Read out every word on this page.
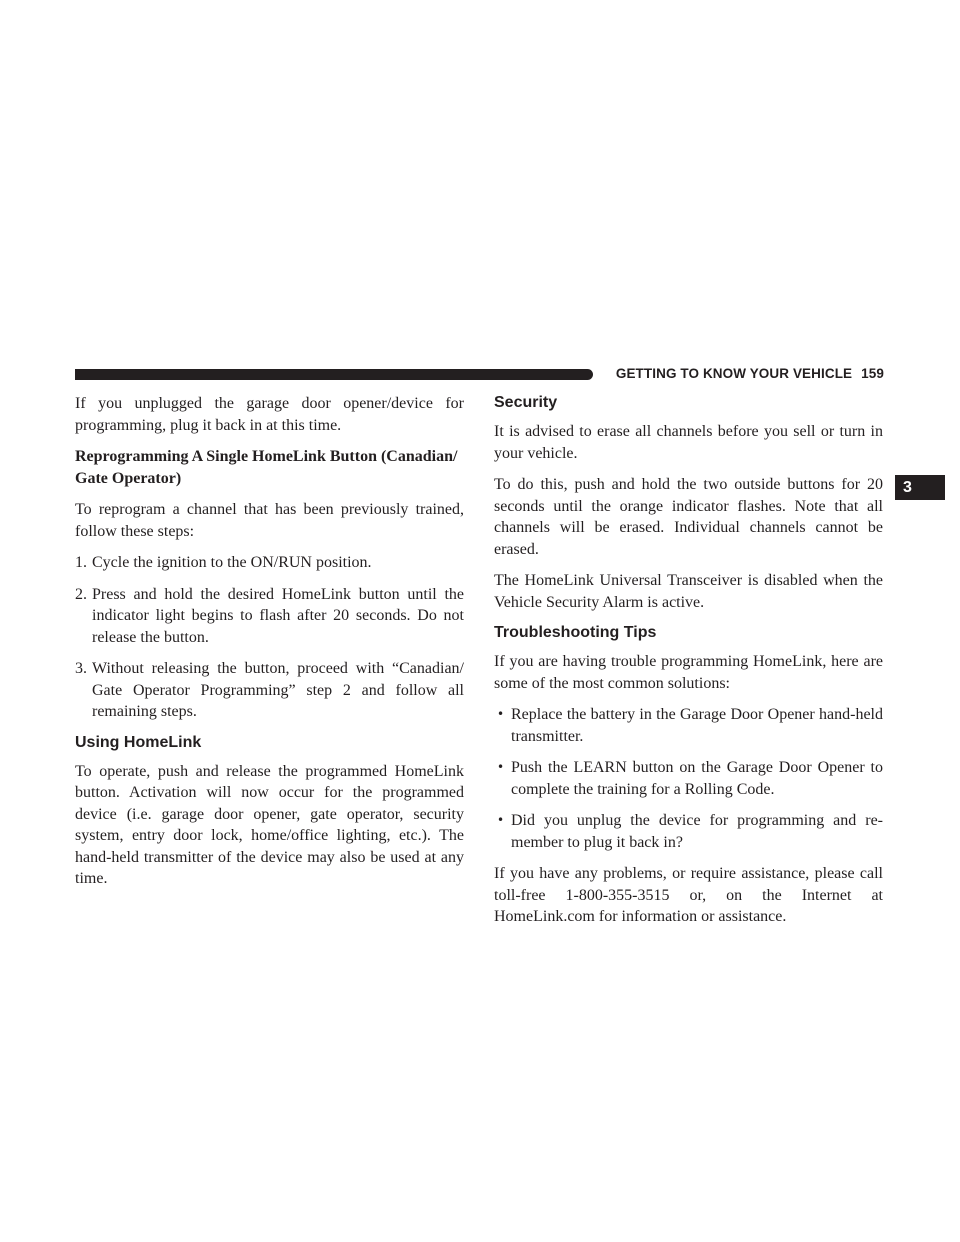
GETTING TO KNOW YOUR VEHICLE 159
3

If you unplugged the garage door opener/device for programming, plug it back in at this time.

Reprogramming A Single HomeLink Button (Canadian/ Gate Operator)

To reprogram a channel that has been previously trained, follow these steps:

1. Cycle the ignition to the ON/RUN position.
2. Press and hold the desired HomeLink button until the indicator light begins to flash after 20 seconds. Do not release the button.
3. Without releasing the button, proceed with “Canadian/ Gate Operator Programming” step 2 and follow all remaining steps.
Using HomeLink

To operate, push and release the programmed HomeLink button. Activation will now occur for the programmed device (i.e. garage door opener, gate operator, security system, entry door lock, home/office lighting, etc.). The hand-held transmitter of the device may also be used at any time.

Security

It is advised to erase all channels before you sell or turn in your vehicle.

To do this, push and hold the two outside buttons for 20 seconds until the orange indicator flashes. Note that all channels will be erased. Individual channels cannot be erased.

The HomeLink Universal Transceiver is disabled when the Vehicle Security Alarm is active.

Troubleshooting Tips

If you are having trouble programming HomeLink, here are some of the most common solutions:

• Replace the battery in the Garage Door Opener hand-held transmitter.
• Push the LEARN button on the Garage Door Opener to complete the training for a Rolling Code.
• Did you unplug the device for programming and re-member to plug it back in?

If you have any problems, or require assistance, please call toll-free 1-800-355-3515 or, on the Internet at HomeLink.com for information or assistance.
